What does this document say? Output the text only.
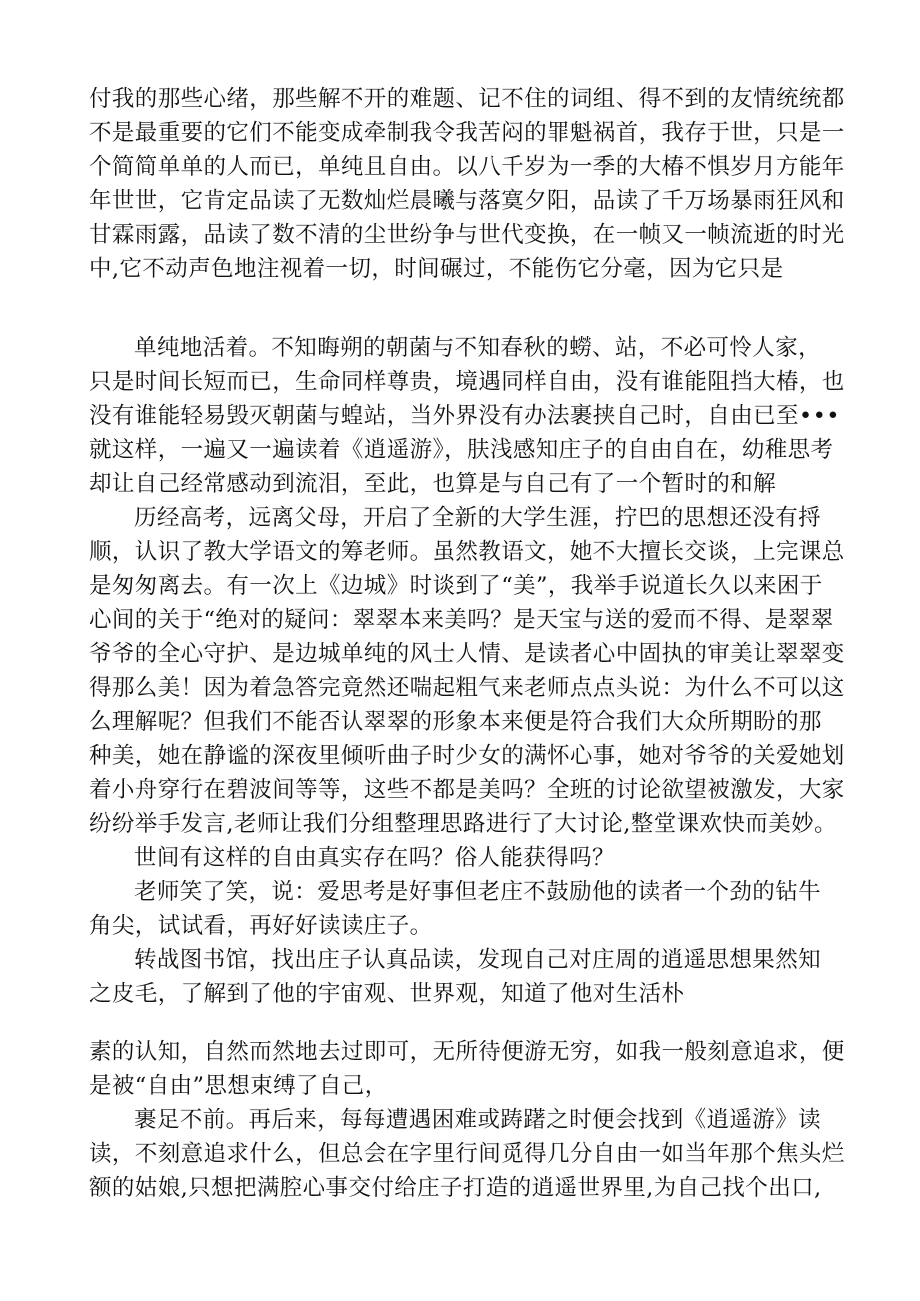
付我的那些心绪，那些解不开的难题、记不住的词组、得不到的友情统统都
不是最重要的它们不能变成牵制我令我苦闷的罪魁祸首，我存于世，只是一
个简简单单的人而已，单纯且自由。以八千岁为一季的大椿不惧岁月方能年
年世世，它肯定品读了无数灿烂晨曦与落寞夕阳，品读了千万场暴雨狂风和
甘霖雨露，品读了数不清的尘世纷争与世代变换，在一帧又一帧流逝的时光
中,它不动声色地注视着一切，时间碾过，不能伤它分毫，因为它只是
单纯地活着。不知晦朔的朝菌与不知春秋的蟧、站，不必可怜人家，
只是时间长短而已，生命同样尊贵，境遇同样自由，没有谁能阻挡大椿，也
没有谁能轻易毁灭朝菌与蝗站，当外界没有办法裹挟自己时，自由已至•••
就这样，一遍又一遍读着《逍遥游》，肤浅感知庄子的自由自在，幼稚思考
却让自己经常感动到流泪，至此，也算是与自己有了一个暂时的和解
历经高考，远离父母，开启了全新的大学生涯，拧巴的思想还没有捋
顺，认识了教大学语文的筹老师。虽然教语文，她不大擅长交谈，上完课总
是匆匆离去。有一次上《边城》时谈到了“美”，我举手说道长久以来困于
心间的关于“绝对的疑问：翠翠本来美吗？是天宝与送的爱而不得、是翠翠
爷爷的全心守护、是边城单纯的风士人情、是读者心中固执的审美让翠翠变
得那么美！因为着急答完竟然还喘起粗气来老师点点头说：为什么不可以这
么理解呢？但我们不能否认翠翠的形象本来便是符合我们大众所期盼的那
种美，她在静谧的深夜里倾听曲子时少女的满怀心事，她对爷爷的关爱她划
着小舟穿行在碧波间等等，这些不都是美吗？全班的讨论欲望被激发，大家
纷纷举手发言,老师让我们分组整理思路进行了大讨论,整堂课欢快而美妙。
世间有这样的自由真实存在吗？俗人能获得吗？
老师笑了笑，说：爱思考是好事但老庄不鼓励他的读者一个劲的钻牛
角尖，试试看，再好好读读庄子。
转战图书馆，找出庄子认真品读，发现自己对庄周的逍遥思想果然知
之皮毛，了解到了他的宇宙观、世界观，知道了他对生活朴
素的认知，自然而然地去过即可，无所待便游无穷，如我一般刻意追求，便
是被“自由”思想束缚了自己，
裹足不前。再后来，每每遭遇困难或踌躇之时便会找到《逍遥游》读
读，不刻意追求什么，但总会在字里行间觅得几分自由一如当年那个焦头烂
额的姑娘,只想把满腔心事交付给庄子打造的逍遥世界里,为自己找个出口,
